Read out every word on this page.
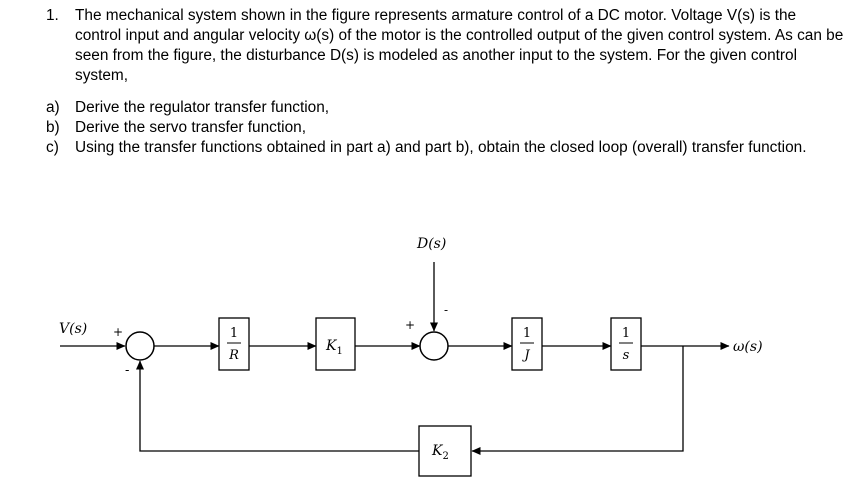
1.	The mechanical system shown in the figure represents armature control of a DC motor. Voltage V(s) is the control input and angular velocity ω(s) of the motor is the controlled output of the given control system. As can be seen from the figure, the disturbance D(s) is modeled as another input to the system. For the given control system,
a) Derive the regulator transfer function,
b) Derive the servo transfer function,
c)	Using the transfer functions obtained in part a) and part b), obtain the closed loop (overall) transfer function.
V(s) +
-
1
R
$K_1$
+
D(s)
-
1
J
1
s
ω(s)
$K_2$
